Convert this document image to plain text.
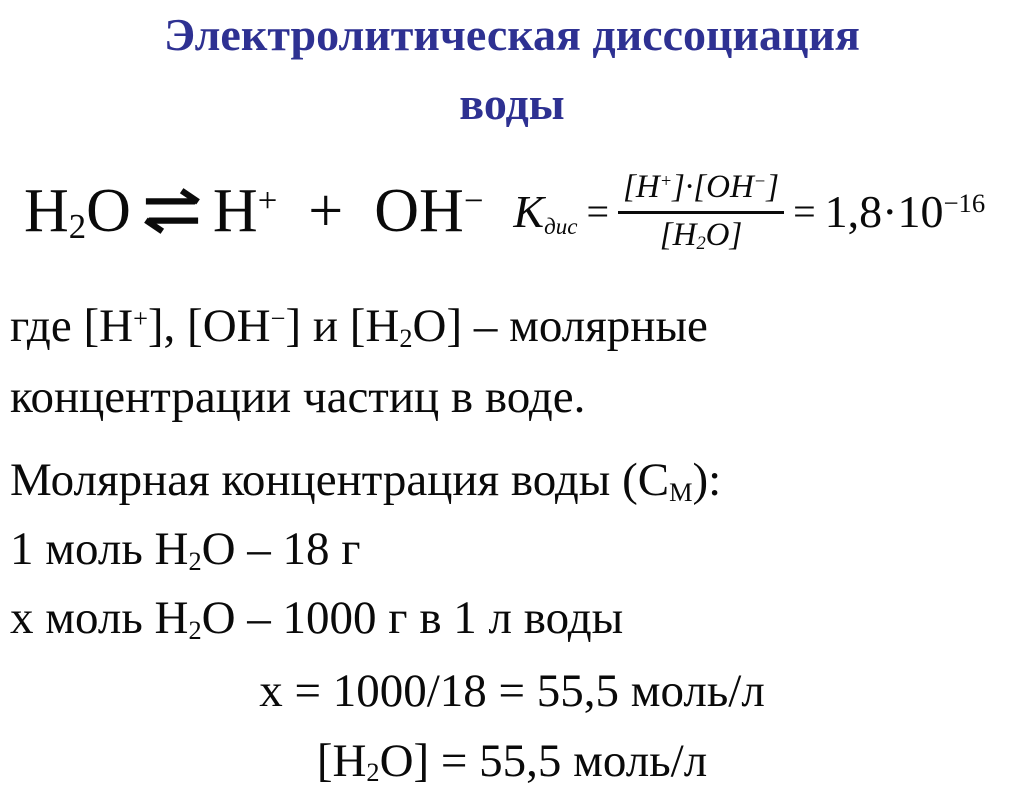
Электролитическая диссоциация
воды
$H_2O$ ⇌
H+  +  OH− $K_{дис} = \frac{[H^+]\cdot[OH^-]}{[H_2O]} = 1,8\cdot 10^{-16}$
где [H+], [OH−] и $[H_2O]$ – молярные
концентрации частиц в воде.
Молярная концентрация воды $(С_М)$:
1 моль $H_2O - 18$ г
х моль $H_2O - 1000$ г в 1 л воды
х = 1000/18 = 55,5 моль/л
$[H_2O] = 55,5$ моль/л
